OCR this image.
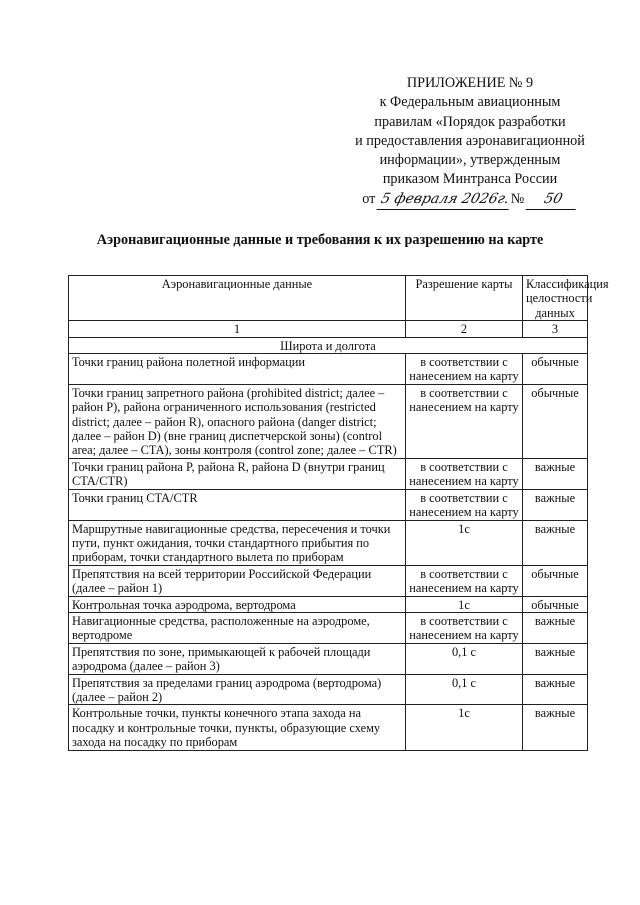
ПРИЛОЖЕНИЕ № 9
к Федеральным авиационным
правилам «Порядок разработки
и предоставления аэронавигационной
информации», утвержденным
приказом Минтранса России
от 5 февраля 2026г.№ 50
Аэронавигационные данные и требования к их разрешению на карте
Аэронавигационные данные	Разрешение карты	Классификация целостности данных
1	2	3
Широта и долгота		
Точки границ района полетной информации	в соответствии с нанесением на карту	обычные
Точки границ запретного района (prohibited district; далее – район P), района ограниченного использования (restricted district; далее – район R), опасного района (danger district; далее – район D) (вне границ диспетчерской зоны) (control area; далее – CTA), зоны контроля (control zone; далее – CTR)	в соответствии с нанесением на карту	обычные
Точки границ района P, района R, района D (внутри границ CTA/CTR)	в соответствии с нанесением на карту	важные
Точки границ CTA/CTR	в соответствии с нанесением на карту	важные
Маршрутные навигационные средства, пересечения и точки пути, пункт ожидания, точки стандартного прибытия по приборам, точки стандартного вылета по приборам	1с	важные
Препятствия на всей территории Российской Федерации (далее – район 1)	в соответствии с нанесением на карту	обычные
Контрольная точка аэродрома, вертодрома	1с	обычные
Навигационные средства, расположенные на аэродроме, вертодроме	в соответствии с нанесением на карту	важные
Препятствия по зоне, примыкающей к рабочей площади аэродрома (далее – район 3)	0,1 с	важные
Препятствия за пределами границ аэродрома (вертодрома) (далее – район 2)	0,1 с	важные
Контрольные точки, пункты конечного этапа захода на посадку и контрольные точки, пункты, образующие схему захода на посадку по приборам	1с	важные
